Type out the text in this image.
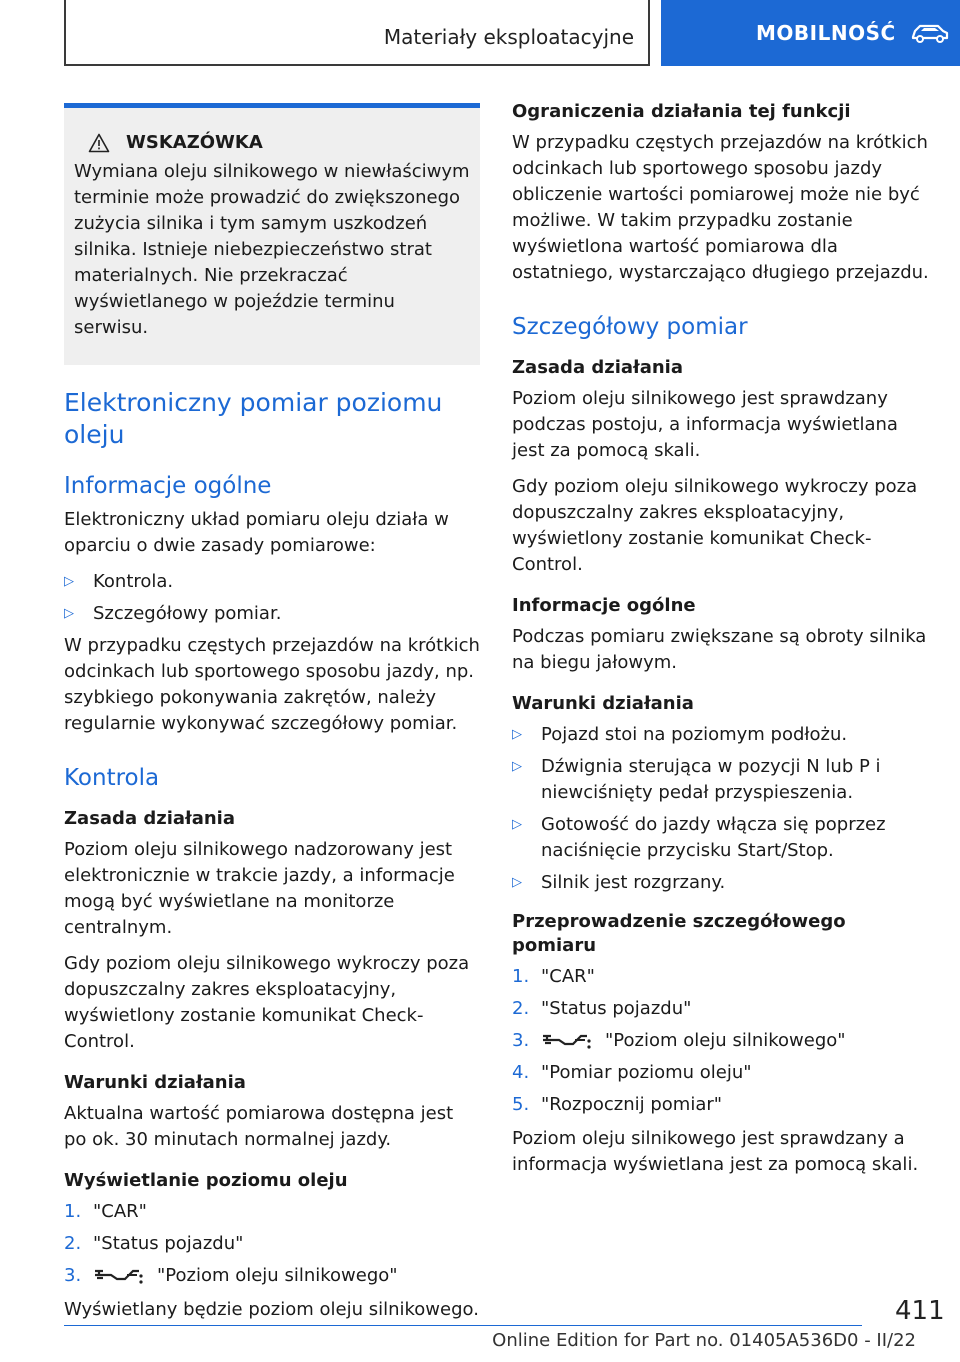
Materiały eksploatacyjne	MOBILNOŚĆ
WSKAZÓWKA
Wymiana oleju silnikowego w niewłaściwym terminie może prowadzić do zwiększonego zużycia silnika i tym samym uszkodzeń silnika. Istnieje niebezpieczeństwo strat materialnych. Nie przekraczać wyświetlanego w pojeździe terminu serwisu.
Elektroniczny pomiar poziomu oleju
Informacje ogólne
Elektroniczny układ pomiaru oleju działa w oparciu o dwie zasady pomiarowe:
▷	Kontrola.
▷	Szczegółowy pomiar.
W przypadku częstych przejazdów na krótkich odcinkach lub sportowego sposobu jazdy, np. szybkiego pokonywania zakrętów, należy regularnie wykonywać szczegółowy pomiar.
Kontrola
Zasada działania
Poziom oleju silnikowego nadzorowany jest elektronicznie w trakcie jazdy, a informacje mogą być wyświetlane na monitorze centralnym.
Gdy poziom oleju silnikowego wykroczy poza dopuszczalny zakres eksploatacyjny, wyświetlony zostanie komunikat Check-Control.
Warunki działania
Aktualna wartość pomiarowa dostępna jest po ok. 30 minutach normalnej jazdy.
Wyświetlanie poziomu oleju
1. "CAR"
2. "Status pojazdu"
3.	"Poziom oleju silnikowego"
Wyświetlany będzie poziom oleju silnikowego.
Ograniczenia działania tej funkcji
W przypadku częstych przejazdów na krótkich odcinkach lub sportowego sposobu jazdy obliczenie wartości pomiarowej może nie być możliwe. W takim przypadku zostanie wyświetlona wartość pomiarowa dla ostatniego, wystarczająco długiego przejazdu.
Szczegółowy pomiar
Zasada działania
Poziom oleju silnikowego jest sprawdzany podczas postoju, a informacja wyświetlana jest za pomocą skali.
Gdy poziom oleju silnikowego wykroczy poza dopuszczalny zakres eksploatacyjny, wyświetlony zostanie komunikat Check-Control.
Informacje ogólne
Podczas pomiaru zwiększane są obroty silnika na biegu jałowym.
Warunki działania
▷	Pojazd stoi na poziomym podłożu.
▷	Dźwignia sterująca w pozycji N lub P i niewciśnięty pedał przyspieszenia.
▷	Gotowość do jazdy włącza się poprzez naciśnięcie przycisku Start/Stop.
▷	Silnik jest rozgrzany.
Przeprowadzenie szczegółowego pomiaru
1. "CAR"
2. "Status pojazdu"
3.	"Poziom oleju silnikowego"
4. "Pomiar poziomu oleju"
5. "Rozpocznij pomiar"
Poziom oleju silnikowego jest sprawdzany a informacja wyświetlana jest za pomocą skali.
411
Online Edition for Part no. 01405A536D0 - II/22
